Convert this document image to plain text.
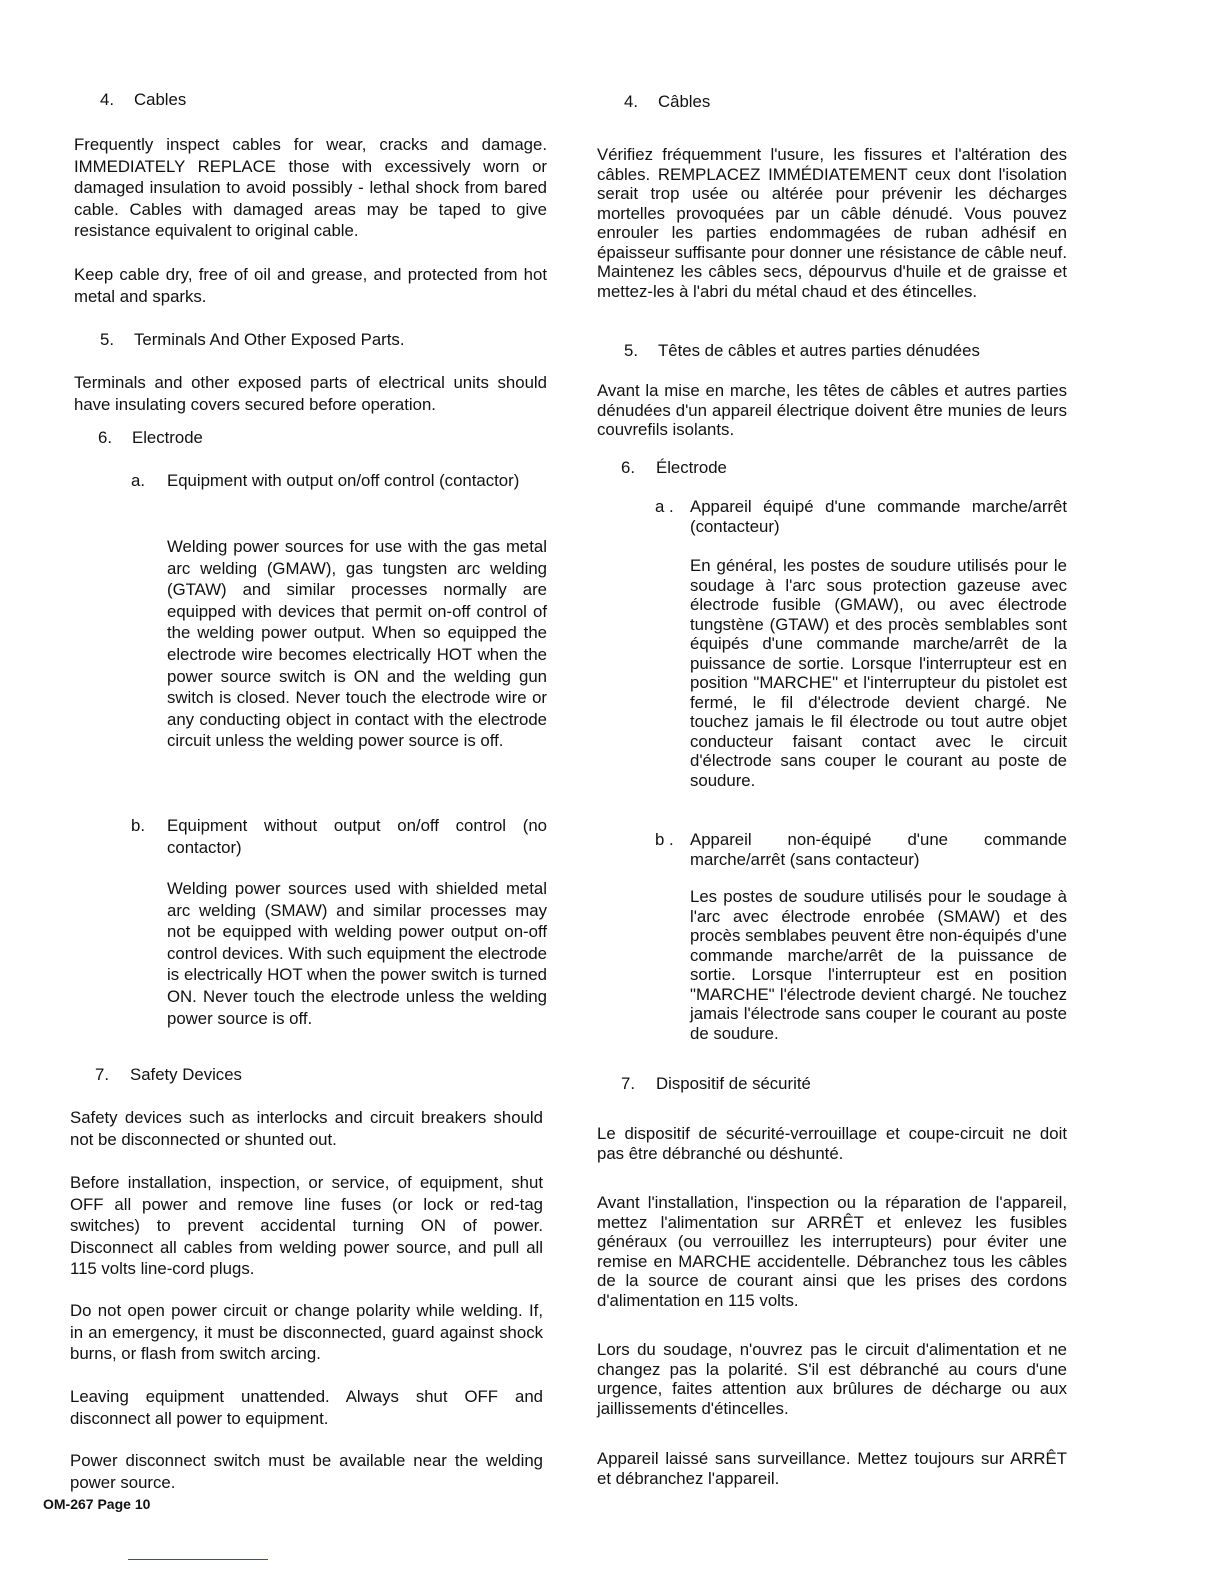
4. Cables

Frequently inspect cables for wear, cracks and damage. IMMEDIATELY REPLACE those with excessively worn or damaged insulation to avoid possibly - lethal shock from bared cable. Cables with damaged areas may be taped to give resistance equivalent to original cable.

Keep cable dry, free of oil and grease, and protected from hot metal and sparks.

5. Terminals And Other Exposed Parts.

Terminals and other exposed parts of electrical units should have insulating covers secured before operation.

6. Electrode
a. Equipment with output on/off control (contactor)

Welding power sources for use with the gas metal arc welding (GMAW), gas tungsten arc welding (GTAW) and similar processes normally are equipped with devices that permit on-off control of the welding power output. When so equipped the electrode wire becomes electrically HOT when the power source switch is ON and the welding gun switch is closed. Never touch the electrode wire or any conducting object in contact with the electrode circuit unless the welding power source is off.

b. Equipment without output on/off control (no contactor)

Welding power sources used with shielded metal arc welding (SMAW) and similar processes may not be equipped with welding power output on-off control devices. With such equipment the electrode is electrically HOT when the power switch is turned ON. Never touch the electrode unless the welding power source is off.

7. Safety Devices

Safety devices such as interlocks and circuit breakers should not be disconnected or shunted out.

Before installation, inspection, or service, of equipment, shut OFF all power and remove line fuses (or lock or red-tag switches) to prevent accidental turning ON of power. Disconnect all cables from welding power source, and pull all 115 volts line-cord plugs.

Do not open power circuit or change polarity while welding. If, in an emergency, it must be disconnected, guard against shock burns, or flash from switch arcing.

Leaving equipment unattended. Always shut OFF and disconnect all power to equipment.

Power disconnect switch must be available near the welding power source.

4. Câbles

Vérifiez fréquemment l'usure, les fissures et l'altération des câbles. REMPLACEZ IMMÉDIATEMENT ceux dont l'isolation serait trop usée ou altérée pour prévenir les décharges mortelles provoquées par un câble dénudé. Vous pouvez enrouler les parties endommagées de ruban adhésif en épaisseur suffisante pour donner une résistance de câble neuf. Maintenez les câbles secs, dépourvus d'huile et de graisse et mettez-les à l'abri du métal chaud et des étincelles.

5. Têtes de câbles et autres parties dénudées

Avant la mise en marche, les têtes de câbles et autres parties dénudées d'un appareil électrique doivent être munies de leurs couvrefils isolants.

6. Électrode
a . Appareil équipé d'une commande marche/arrêt (contacteur)

En général, les postes de soudure utilisés pour le soudage à l'arc sous protection gazeuse avec électrode fusible (GMAW), ou avec électrode tungstène (GTAW) et des procès semblables sont équipés d'une commande marche/arrêt de la puissance de sortie. Lorsque l'interrupteur est en position "MARCHE" et l'interrupteur du pistolet est fermé, le fil d'électrode devient chargé. Ne touchez jamais le fil électrode ou tout autre objet conducteur faisant contact avec le circuit d'électrode sans couper le courant au poste de soudure.

b . Appareil non-équipé d'une commande marche/arrêt (sans contacteur)

Les postes de soudure utilisés pour le soudage à l'arc avec électrode enrobée (SMAW) et des procès semblabes peuvent être non-équipés d'une commande marche/arrêt de la puissance de sortie. Lorsque l'interrupteur est en position "MARCHE" l'électrode devient chargé. Ne touchez jamais l'électrode sans couper le courant au poste de soudure.

7. Dispositif de sécurité

Le dispositif de sécurité-verrouillage et coupe-circuit ne doit pas être débranché ou déshunté.

Avant l'installation, l'inspection ou la réparation de l'appareil, mettez l'alimentation sur ARRÊT et enlevez les fusibles généraux (ou verrouillez les interrupteurs) pour éviter une remise en MARCHE accidentelle. Débranchez tous les câbles de la source de courant ainsi que les prises des cordons d'alimentation en 115 volts.

Lors du soudage, n'ouvrez pas le circuit d'alimentation et ne changez pas la polarité. S'il est débranché au cours d'une urgence, faites attention aux brûlures de décharge ou aux jaillissements d'étincelles.

Appareil laissé sans surveillance. Mettez toujours sur ARRÊT et débranchez l'appareil.

OM-267 Page 10
